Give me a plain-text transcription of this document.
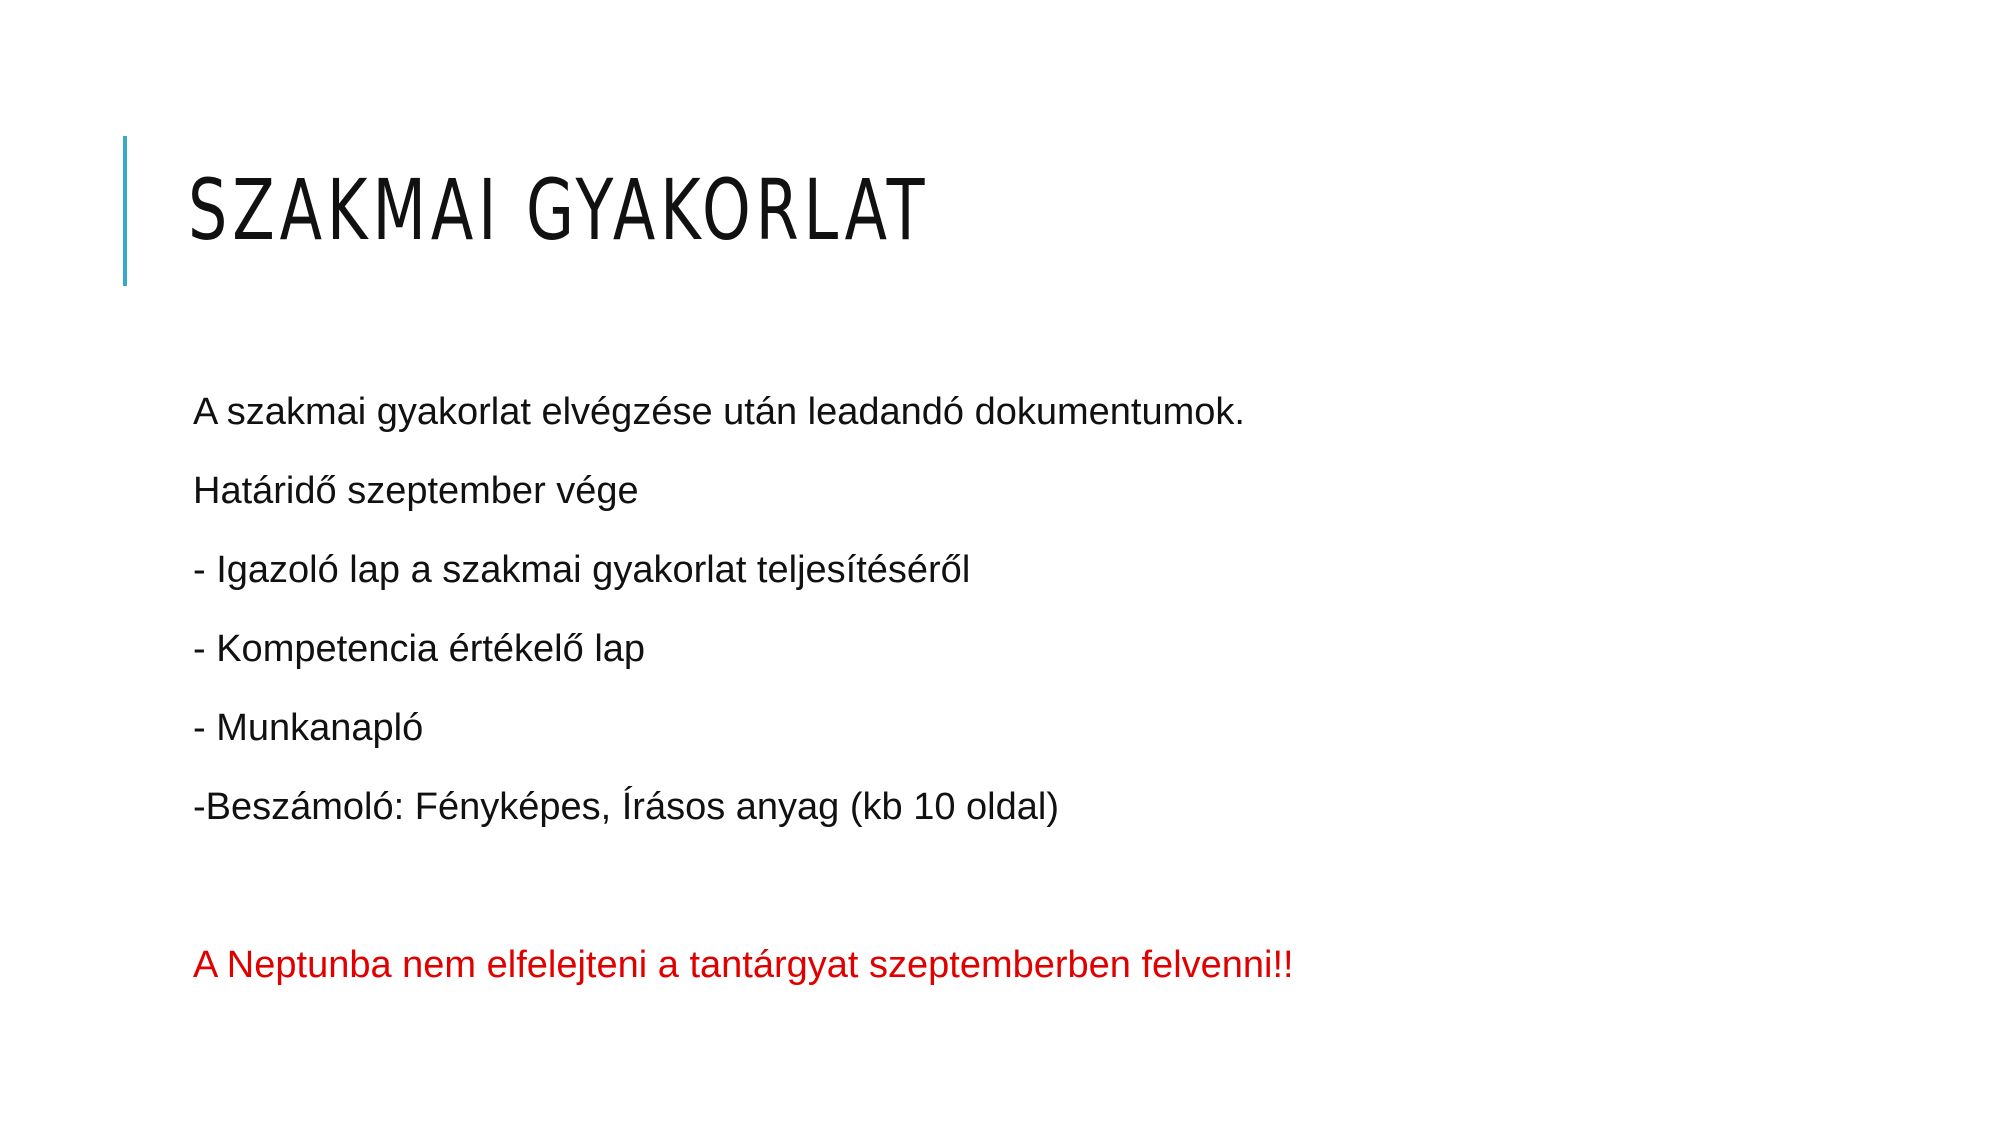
SZAKMAI GYAKORLAT
A szakmai gyakorlat elvégzése után leadandó dokumentumok.
Határidő szeptember vége
- Igazoló lap a szakmai gyakorlat teljesítéséről
- Kompetencia értékelő lap
- Munkanapló
-Beszámoló: Fényképes, Írásos anyag (kb 10 oldal)
A Neptunba nem elfelejteni a tantárgyat szeptemberben felvenni!!
